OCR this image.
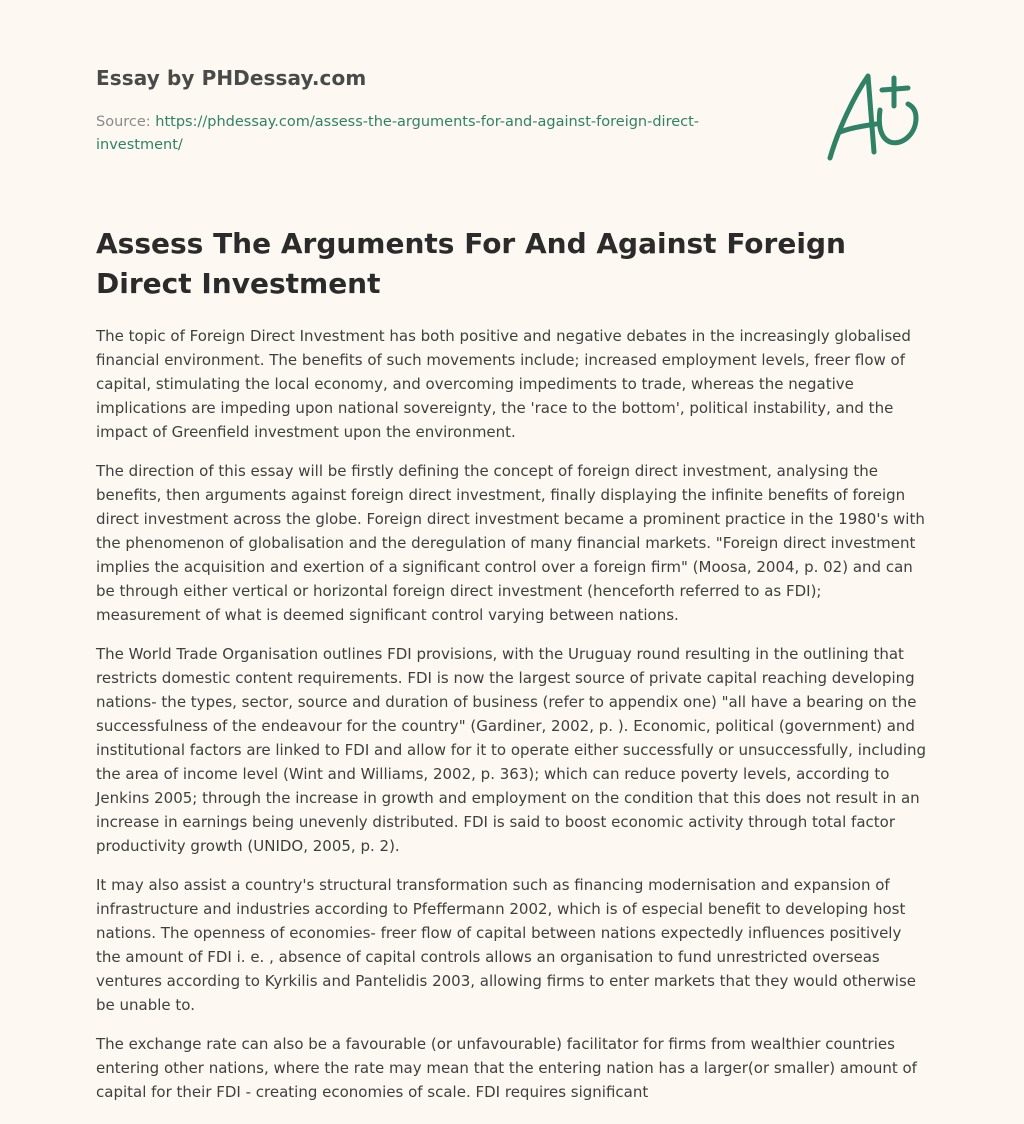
Essay by PHDessay.com

Source: https://phdessay.com/assess-the-arguments-for-and-against-foreign-direct-investment/
Assess The Arguments For And Against Foreign Direct Investment

The topic of Foreign Direct Investment has both positive and negative debates in the increasingly globalised financial environment. The benefits of such movements include; increased employment levels, freer flow of capital, stimulating the local economy, and overcoming impediments to trade, whereas the negative implications are impeding upon national sovereignty, the 'race to the bottom', political instability, and the impact of Greenfield investment upon the environment.

The direction of this essay will be firstly defining the concept of foreign direct investment, analysing the benefits, then arguments against foreign direct investment, finally displaying the infinite benefits of foreign direct investment across the globe. Foreign direct investment became a prominent practice in the 1980's with the phenomenon of globalisation and the deregulation of many financial markets. "Foreign direct investment implies the acquisition and exertion of a significant control over a foreign firm" (Moosa, 2004, p. 02) and can be through either vertical or horizontal foreign direct investment (henceforth referred to as FDI); measurement of what is deemed significant control varying between nations.

The World Trade Organisation outlines FDI provisions, with the Uruguay round resulting in the outlining that restricts domestic content requirements. FDI is now the largest source of private capital reaching developing nations- the types, sector, source and duration of business (refer to appendix one) "all have a bearing on the successfulness of the endeavour for the country" (Gardiner, 2002, p. ). Economic, political (government) and institutional factors are linked to FDI and allow for it to operate either successfully or unsuccessfully, including the area of income level (Wint and Williams, 2002, p. 363); which can reduce poverty levels, according to Jenkins 2005; through the increase in growth and employment on the condition that this does not result in an increase in earnings being unevenly distributed. FDI is said to boost economic activity through total factor productivity growth (UNIDO, 2005, p. 2).

It may also assist a country's structural transformation such as financing modernisation and expansion of infrastructure and industries according to Pfeffermann 2002, which is of especial benefit to developing host nations. The openness of economies- freer flow of capital between nations expectedly influences positively the amount of FDI i. e. , absence of capital controls allows an organisation to fund unrestricted overseas ventures according to Kyrkilis and Pantelidis 2003, allowing firms to enter markets that they would otherwise be unable to.

The exchange rate can also be a favourable (or unfavourable) facilitator for firms from wealthier countries entering other nations, where the rate may mean that the entering nation has a larger(or smaller) amount of capital for their FDI - creating economies of scale. FDI requires significant
